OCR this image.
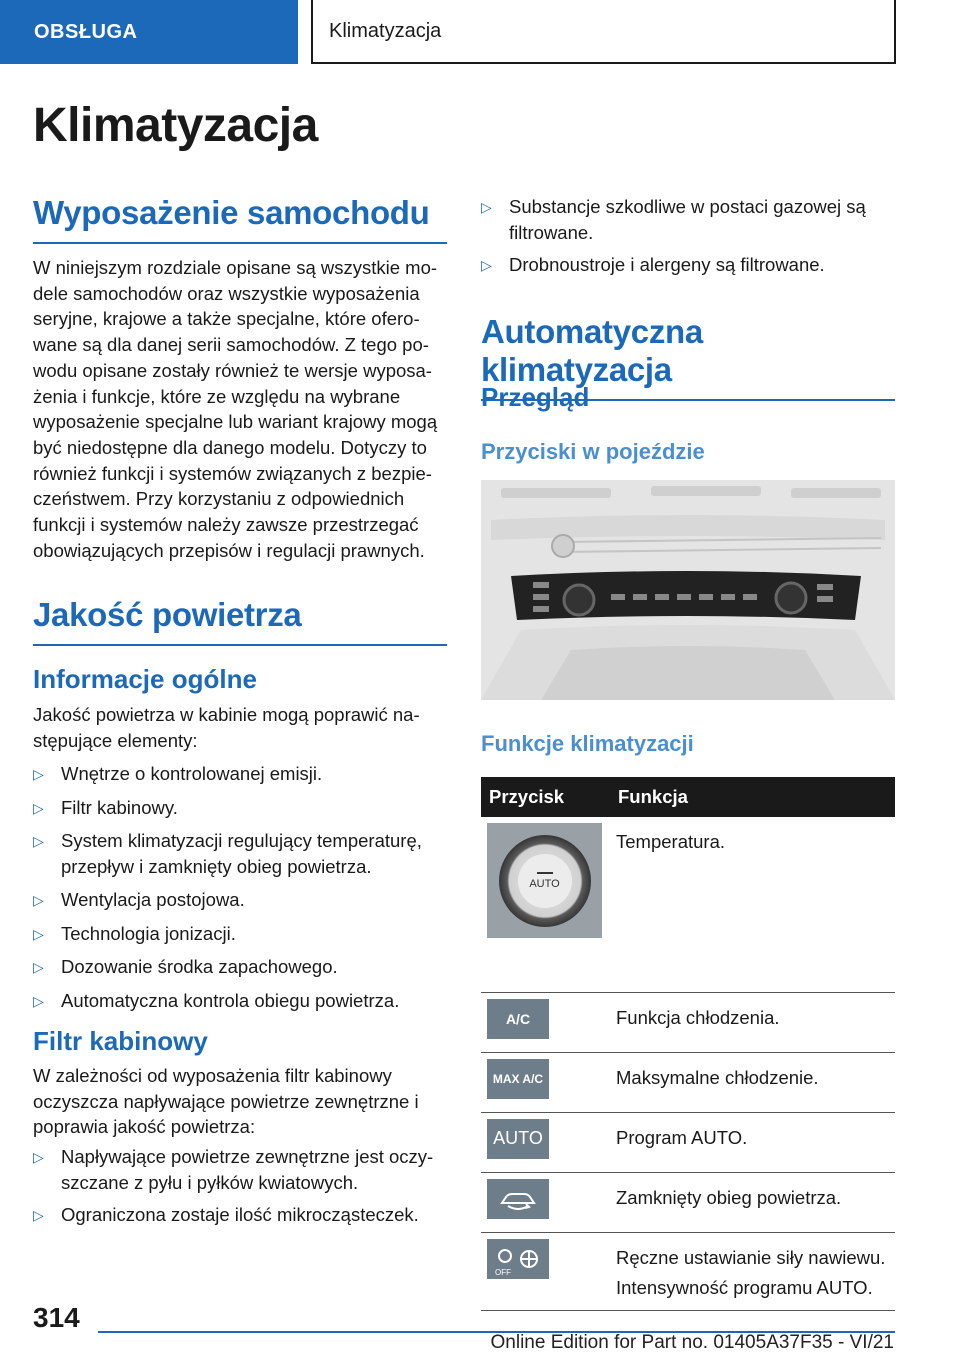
OBSŁUGA	Klimatyzacja
Klimatyzacja
Wyposażenie samochodu
W niniejszym rozdziale opisane są wszystkie mo-dele samochodów oraz wszystkie wyposażenia seryjne, krajowe a także specjalne, które ofero-wane są dla danej serii samochodów. Z tego po-wodu opisane zostały również te wersje wyposa-żenia i funkcje, które ze względu na wybrane wyposażenie specjalne lub wariant krajowy mogą być niedostępne dla danego modelu. Dotyczy to również funkcji i systemów związanych z bezpie-czeństwem. Przy korzystaniu z odpowiednich funkcji i systemów należy zawsze przestrzegać obowiązujących przepisów i regulacji prawnych.
Jakość powietrza
Informacje ogólne
Jakość powietrza w kabinie mogą poprawić na-stępujące elementy:
▷ Wnętrze o kontrolowanej emisji.
▷ Filtr kabinowy.
▷ System klimatyzacji regulujący temperaturę, przepływ i zamknięty obieg powietrza.
▷ Wentylacja postojowa.
▷ Technologia jonizacji.
▷ Dozowanie środka zapachowego.
▷ Automatyczna kontrola obiegu powietrza.
Filtr kabinowy
W zależności od wyposażenia filtr kabinowy oczyszcza napływające powietrze zewnętrzne i poprawia jakość powietrza:
▷ Napływające powietrze zewnętrzne jest oczy-szczane z pyłu i pyłków kwiatowych.
▷ Ograniczona zostaje ilość mikrocząsteczek.
▷ Substancje szkodliwe w postaci gazowej są filtrowane.
▷ Drobnoustroje i alergeny są filtrowane.
Automatyczna klimatyzacja
Przegląd
Przyciski w pojeździe
Funkcje klimatyzacji
Przycisk	Funkcja

AUTO	Temperatura.

A/C	Funkcja chłodzenia.

MAX A/C	Maksymalne chłodzenie.

AUTO	Program AUTO.

	Zamknięty obieg powietrza.

OFF	Ręczne ustawianie siły nawiewu.
Intensywność programu AUTO.
314
Online Edition for Part no. 01405A37F35 - VI/21
